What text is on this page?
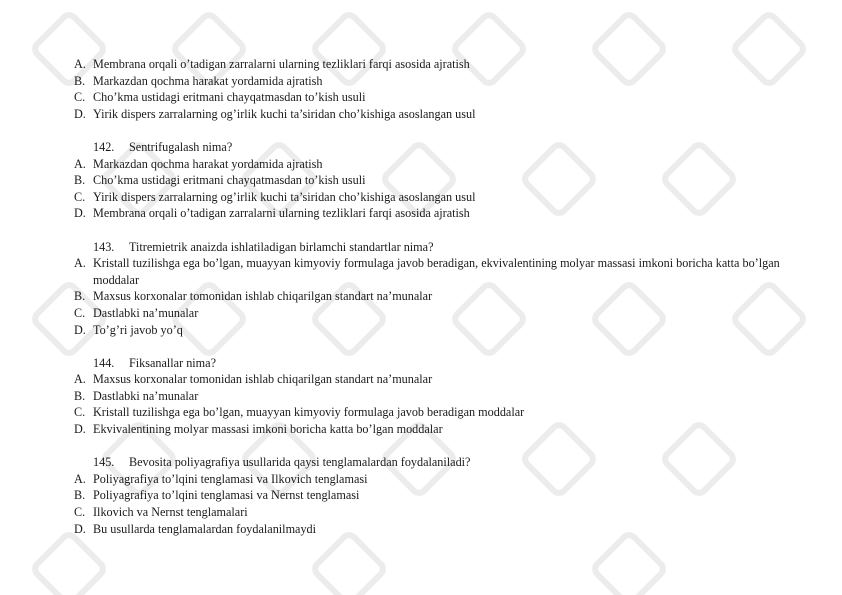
A. Membrana orqali o’tadigan zarralarni ularning tezliklari farqi asosida ajratish
B. Markazdan qochma harakat yordamida ajratish
C. Cho’kma ustidagi eritmani chayqatmasdan to’kish usuli
D. Yirik dispers zarralarning og’irlik kuchi ta’siridan cho’kishiga asoslangan usul
142.	Sentrifugalash nima?
A. Markazdan qochma harakat yordamida ajratish
B. Cho’kma ustidagi eritmani chayqatmasdan to’kish usuli
C. Yirik dispers zarralarning og’irlik kuchi ta’siridan cho’kishiga asoslangan usul
D. Membrana orqali o’tadigan zarralarni ularning tezliklari farqi asosida ajratish
143.	Titremietrik anaizda ishlatiladigan birlamchi standartlar nima?
A. Kristall tuzilishga ega bo’lgan, muayyan kimyoviy formulaga javob beradigan, ekvivalentining molyar massasi imkoni boricha katta bo’lgan moddalar
B. Maxsus korxonalar tomonidan ishlab chiqarilgan standart na’munalar
C. Dastlabki na’munalar
D. To’g’ri javob yo’q
144.	Fiksanallar nima?
A. Maxsus korxonalar tomonidan ishlab chiqarilgan standart na’munalar
B. Dastlabki na’munalar
C. Kristall tuzilishga ega bo’lgan, muayyan kimyoviy formulaga javob beradigan moddalar
D. Ekvivalentining molyar massasi imkoni boricha katta bo’lgan moddalar
145.	Bevosita poliyagrafiya usullarida qaysi tenglamalardan foydalaniladi?
A. Poliyagrafiya to’lqini tenglamasi va Ilkovich tenglamasi
B. Poliyagrafiya to’lqini tenglamasi va Nernst tenglamasi
C. Ilkovich va Nernst tenglamalari
D. Bu usullarda tenglamalardan foydalanilmaydi
